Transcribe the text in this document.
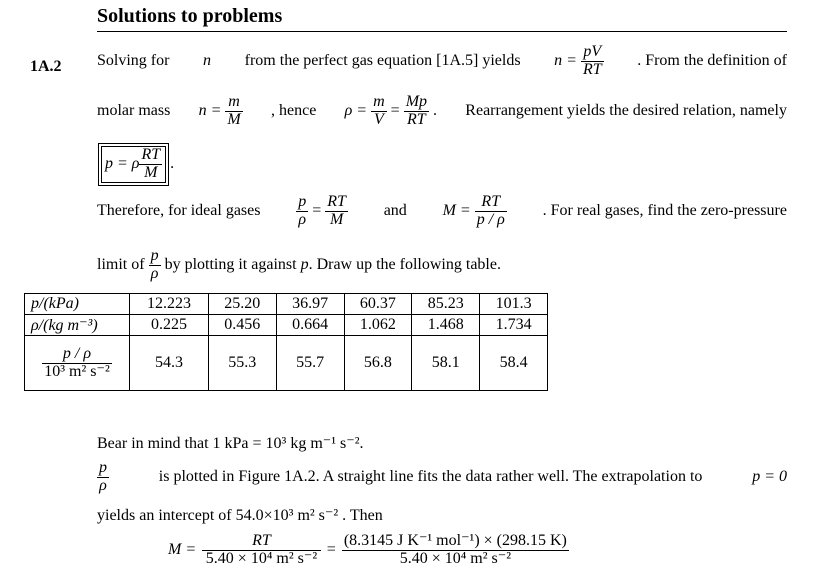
Solutions to problems
1A.2 Solving for n from the perfect gas equation [1A.5] yields $n = \frac{pV}{RT}$ . From the definition of
molar mass $n = \frac{m}{M}$ , hence $\rho = \frac{m}{V} = \frac{Mp}{RT}$ . Rearrangement yields the desired relation, namely
p = ρ $\frac{RT}{M}$ .
Therefore, for ideal gases $\frac{p}{\rho} = \frac{RT}{M}$ and $M = \frac{RT}{p / \rho}$ . For real gases, find the zero-pressure
limit of $\frac{p}{\rho}$ by plotting it against p . Draw up the following table.
p/(kPa)	12.223	25.20	36.97	60.37	85.23	101.3
ρ/(kg m⁻³)	0.225	0.456	0.664	1.062	1.468	1.734

$\frac{p / \rho}{\text{10³ m² s⁻²}}$	54.3	55.3	55.7	56.8	58.1	58.4
Bear in mind that 1 kPa = 10³ kg m⁻¹ s⁻².
$\frac{p}{\rho}$	is plotted in Figure 1A.2. A straight line fits the data rather well. The extrapolation to	p = 0
yields an intercept of 54.0×10³ m² s⁻² . Then
$M = \frac{RT}{\text{5.40 × 10⁴ m² s⁻²}} = \frac{\text{(8.3145 J K⁻¹ mol⁻¹) × (298.15 K)}}{\text{5.40 × 10⁴ m² s⁻²}}$
